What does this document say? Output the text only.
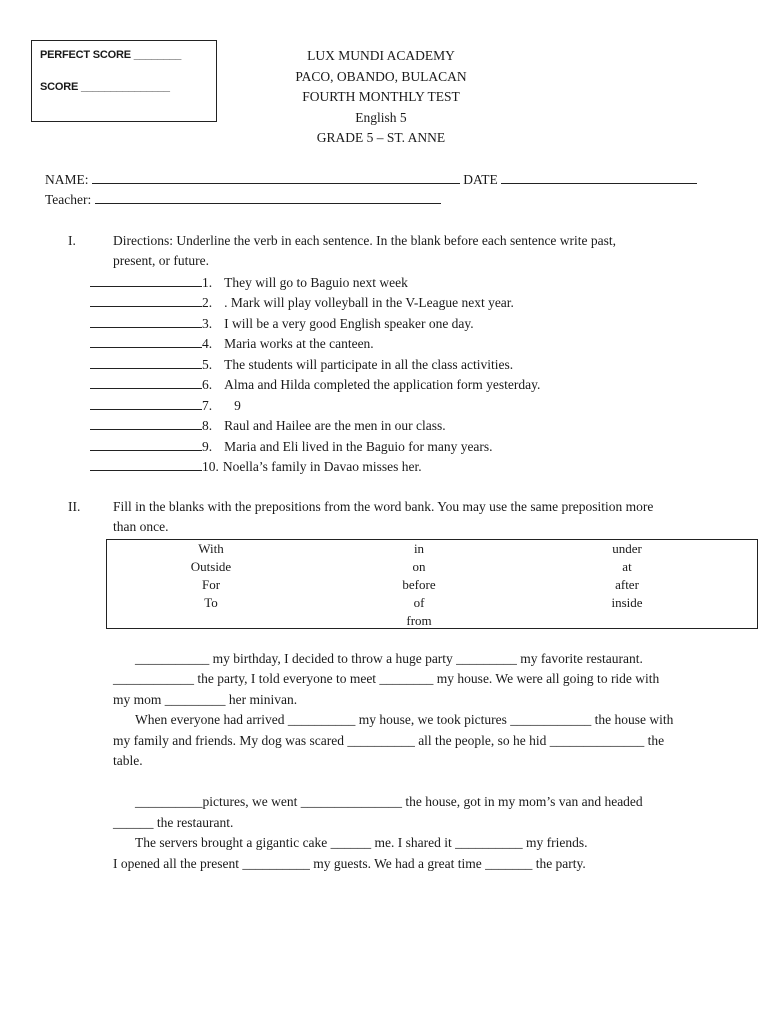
PERFECT SCORE ________
SCORE _______________
LUX MUNDI ACADEMY
PACO, OBANDO, BULACAN
FOURTH MONTHLY TEST
English 5
GRADE 5 – ST. ANNE
NAME:	DATE
Teacher:
I.	Directions: Underline the verb in each sentence. In the blank before each sentence write past,
present, or future.
1. They will go to Baguio next week
2. . Mark will play volleyball in the V-League next year.
3. I will be a very good English speaker one day.
4. Maria works at the canteen.
5. The students will participate in all the class activities.
6. Alma and Hilda completed the application form yesterday.
7. 9
8. Raul and Hailee are the men in our class.
9. Maria and Eli lived in the Baguio for many years.
10. Noella’s family in Davao misses her.
II. Fill in the blanks with the prepositions from the word bank. You may use the same preposition more
than once.
With
Outside
For
To
in
on
before
of
from
under
at
after
inside
___________ my birthday, I decided to throw a huge party _________ my favorite restaurant.
____________ the party, I told everyone to meet ________ my house. We were all going to ride with
my mom _________ her minivan.
When everyone had arrived __________ my house, we took pictures ____________ the house with
my family and friends. My dog was scared __________ all the people, so he hid ______________ the
table.
__________pictures, we went _______________ the house, got in my mom’s van and headed
______ the restaurant.
The servers brought a gigantic cake ______ me. I shared it __________ my friends.
I opened all the present __________ my guests. We had a great time _______ the party.
